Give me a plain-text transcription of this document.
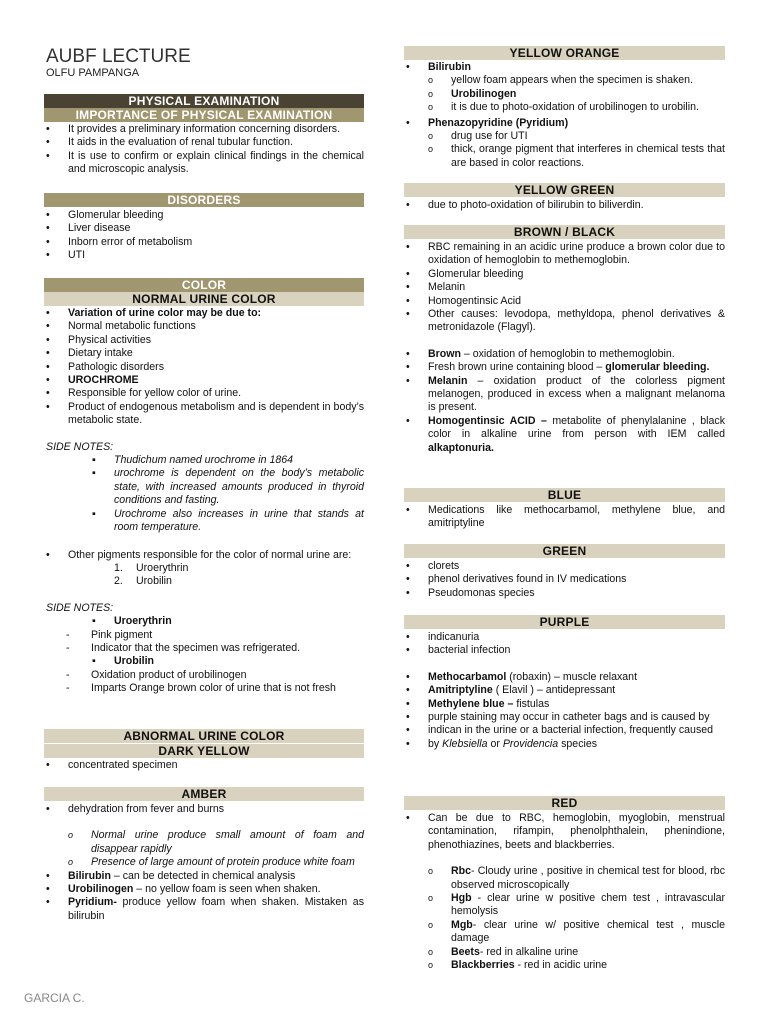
AUBF LECTURE
OLFU PAMPANGA
PHYSICAL EXAMINATION
IMPORTANCE OF PHYSICAL EXAMINATION
• It provides a preliminary information concerning disorders.
• It aids in the evaluation of renal tubular function.
• It is use to confirm or explain clinical findings in the chemical and microscopic analysis.
DISORDERS
• Glomerular bleeding
• Liver disease
• Inborn error of metabolism
• UTI
COLOR
NORMAL URINE COLOR
• Variation of urine color may be due to:
• Normal metabolic functions
• Physical activities
• Dietary intake
• Pathologic disorders
• UROCHROME
• Responsible for yellow color of urine.
• Product of endogenous metabolism and is dependent in body’s metabolic state.
SIDE NOTES:
▪ Thudichum named urochrome in 1864
▪ urochrome is dependent on the body’s metabolic state, with increased amounts produced in thyroid conditions and fasting.
▪ Urochrome also increases in urine that stands at room temperature.
• Other pigments responsible for the color of normal urine are:
1. Uroerythrin
2. Urobilin
SIDE NOTES:
▪ Uroerythrin
- Pink pigment
- Indicator that the specimen was refrigerated.
▪ Urobilin
- Oxidation product of urobilinogen
- Imparts Orange brown color of urine that is not fresh
ABNORMAL URINE COLOR
DARK YELLOW
• concentrated specimen
AMBER
• dehydration from fever and burns
o Normal urine produce small amount of foam and disappear rapidly
o Presence of large amount of protein produce white foam
• Bilirubin – can be detected in chemical analysis
• Urobilinogen – no yellow foam is seen when shaken.
• Pyridium- produce yellow foam when shaken. Mistaken as bilirubin
YELLOW ORANGE
• Bilirubin
o yellow foam appears when the specimen is shaken.
o Urobilinogen
o it is due to photo-oxidation of urobilinogen to urobilin.
• Phenazopyridine (Pyridium)
o drug use for UTI
o thick, orange pigment that interferes in chemical tests that are based in color reactions.
YELLOW GREEN
• due to photo-oxidation of bilirubin to biliverdin.
BROWN / BLACK
• RBC remaining in an acidic urine produce a brown color due to oxidation of hemoglobin to methemoglobin.
• Glomerular bleeding
• Melanin
• Homogentinsic Acid
• Other causes: levodopa, methyldopa, phenol derivatives & metronidazole (Flagyl).
• Brown – oxidation of hemoglobin to methemoglobin.
• Fresh brown urine containing blood – glomerular bleeding.
• Melanin – oxidation product of the colorless pigment melanogen, produced in excess when a malignant melanoma is present.
• Homogentinsic ACID – metabolite of phenylalanine , black color in alkaline urine from person with IEM called alkaptonuria.
BLUE
• Medications like methocarbamol, methylene blue, and amitriptyline
GREEN
• clorets
• phenol derivatives found in IV medications
• Pseudomonas species
PURPLE
• indicanuria
• bacterial infection
• Methocarbamol (robaxin) – muscle relaxant
• Amitriptyline ( Elavil ) – antidepressant
• Methylene blue – fistulas
• purple staining may occur in catheter bags and is caused by
• indican in the urine or a bacterial infection, frequently caused
• by Klebsiella or Providencia species
RED
• Can be due to RBC, hemoglobin, myoglobin, menstrual contamination, rifampin, phenolphthalein, phenindione, phenothiazines, beets and blackberries.
o Rbc- Cloudy urine , positive in chemical test for blood, rbc observed microscopically
o Hgb - clear urine w positive chem test , intravascular hemolysis
o Mgb- clear urine w/ positive chemical test , muscle damage
o Beets- red in alkaline urine
o Blackberries - red in acidic urine
GARCIA C.
